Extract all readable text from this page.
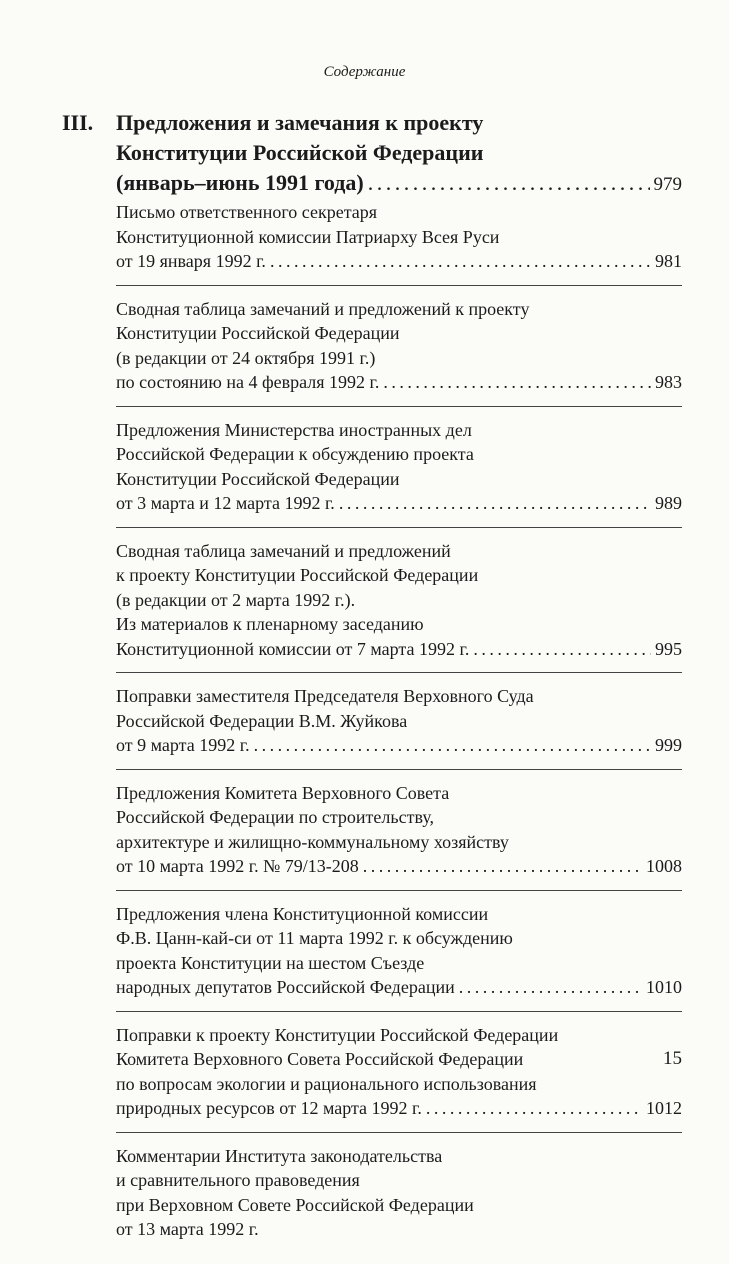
Содержание
III. Предложения и замечания к проекту
Конституции Российской Федерации
(январь–июнь 1991 года) . . .	979
Письмо ответственного секретаря
Конституционной комиссии Патриарху Всея Руси
от 19 января 1992 г. . . .	981
Сводная таблица замечаний и предложений к проекту
Конституции Российской Федерации
(в редакции от 24 октября 1991 г.)
по состоянию на 4 февраля 1992 г. . . .	983
Предложения Министерства иностранных дел
Российской Федерации к обсуждению проекта
Конституции Российской Федерации
от 3 марта и 12 марта 1992 г. . . .	989
Сводная таблица замечаний и предложений
к проекту Конституции Российской Федерации
(в редакции от 2 марта 1992 г.).
Из материалов к пленарному заседанию
Конституционной комиссии от 7 марта 1992 г. . . .	995
Поправки заместителя Председателя Верховного Суда
Российской Федерации В.М. Жуйкова
от 9 марта 1992 г. . . .	999
Предложения Комитета Верховного Совета
Российской Федерации по строительству,
архитектуре и жилищно-коммунальному хозяйству
от 10 марта 1992 г. № 79/13-208 . . .	1008
Предложения члена Конституционной комиссии
Ф.В. Цанн-кай-си от 11 марта 1992 г. к обсуждению
проекта Конституции на шестом Съезде
народных депутатов Российской Федерации . . .	1010
Поправки к проекту Конституции Российской Федерации
Комитета Верховного Совета Российской Федерации
по вопросам экологии и рационального использования
природных ресурсов от 12 марта 1992 г. . . .	1012
Комментарии Института законодательства
и сравнительного правоведения
при Верховном Совете Российской Федерации
от 13 марта 1992 г.
15
